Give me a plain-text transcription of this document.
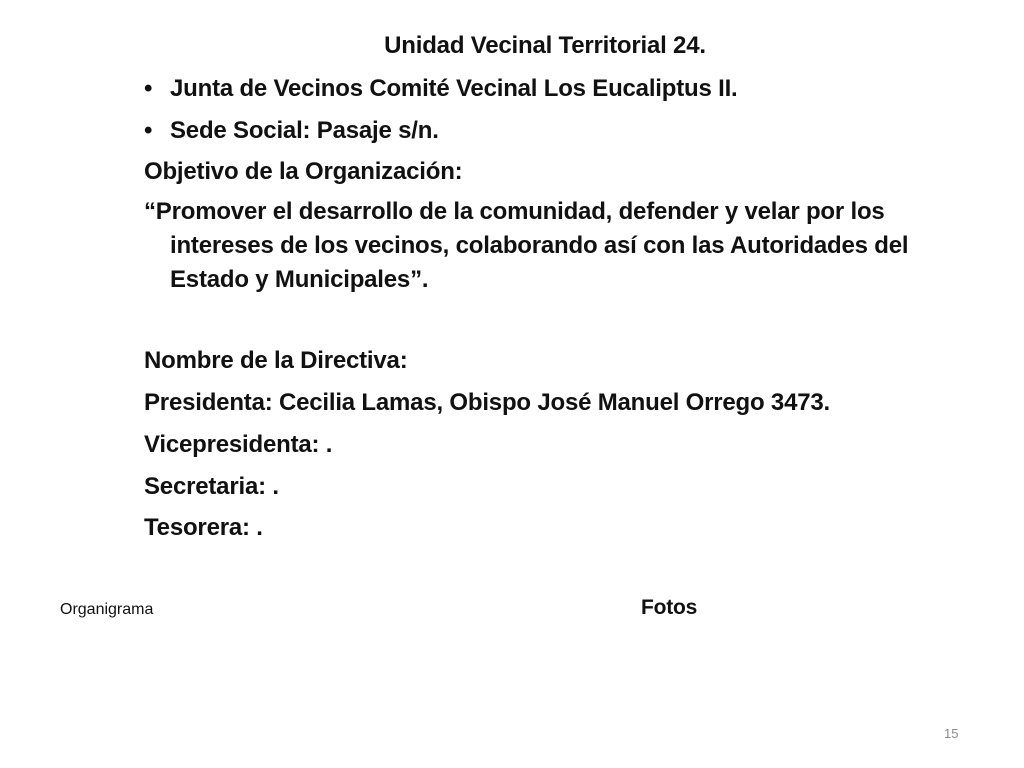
Unidad Vecinal Territorial 24.
• Junta de Vecinos Comité Vecinal Los Eucaliptus II.
• Sede Social: Pasaje s/n.
Objetivo de la Organización:
“Promover el desarrollo de la comunidad, defender y velar por los
intereses de los vecinos, colaborando así con las Autoridades del
Estado y Municipales”.
Nombre de la Directiva:
Presidenta: Cecilia Lamas, Obispo José Manuel Orrego 3473.
Vicepresidenta: .
Secretaria: .
Tesorera: .
Organigrama	Fotos
15
